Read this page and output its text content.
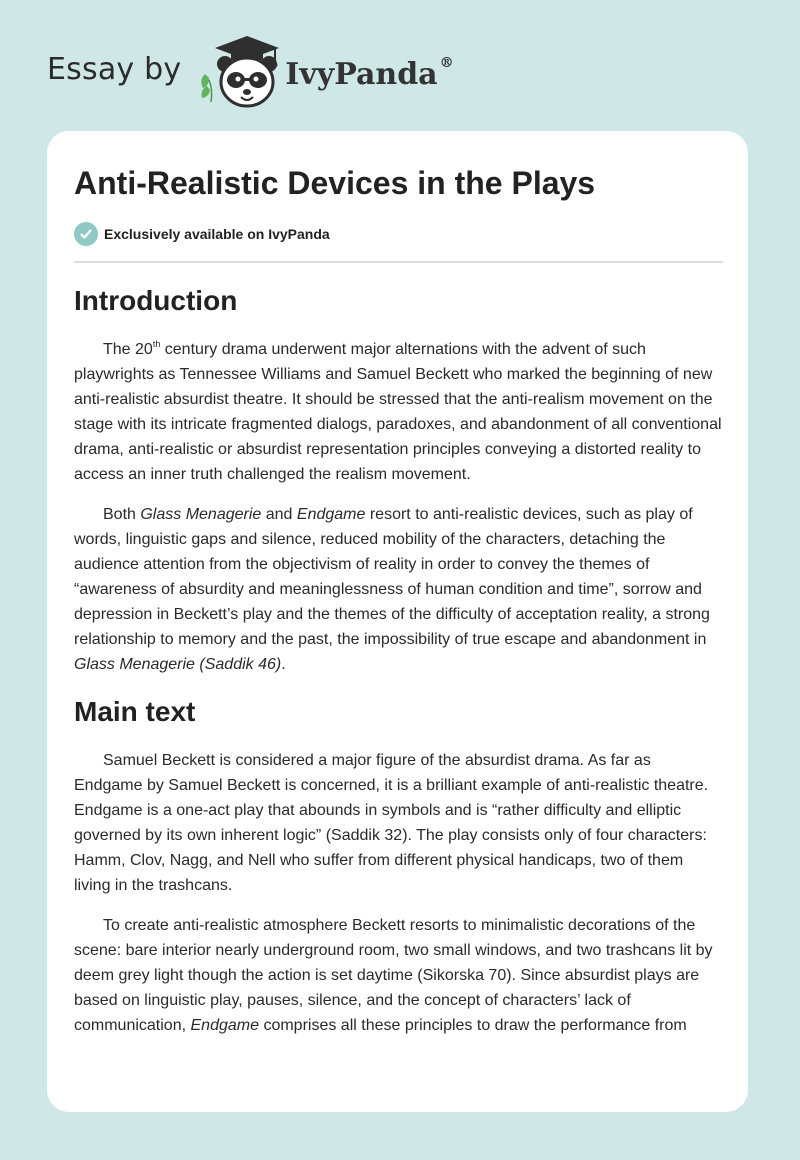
Essay by	IvyPanda ®
Anti-Realistic Devices in the Plays
Exclusively available on IvyPanda
Introduction

The 20th century drama underwent major alternations with the advent of such playwrights as Tennessee Williams and Samuel Beckett who marked the beginning of new anti-realistic absurdist theatre. It should be stressed that the anti-realism movement on the stage with its intricate fragmented dialogs, paradoxes, and abandonment of all conventional drama, anti-realistic or absurdist representation principles conveying a distorted reality to access an inner truth challenged the realism movement.

Both Glass Menagerie and Endgame resort to anti-realistic devices, such as play of words, linguistic gaps and silence, reduced mobility of the characters, detaching the audience attention from the objectivism of reality in order to convey the themes of “awareness of absurdity and meaninglessness of human condition and time”, sorrow and depression in Beckett’s play and the themes of the difficulty of acceptation reality, a strong relationship to memory and the past, the impossibility of true escape and abandonment in Glass Menagerie (Saddik 46).

Main text

Samuel Beckett is considered a major figure of the absurdist drama. As far as Endgame by Samuel Beckett is concerned, it is a brilliant example of anti-realistic theatre. Endgame is a one-act play that abounds in symbols and is “rather difficulty and elliptic governed by its own inherent logic” (Saddik 32). The play consists only of four characters: Hamm, Clov, Nagg, and Nell who suffer from different physical handicaps, two of them living in the trashcans.

To create anti-realistic atmosphere Beckett resorts to minimalistic decorations of the scene: bare interior nearly underground room, two small windows, and two trashcans lit by deem grey light though the action is set daytime (Sikorska 70). Since absurdist plays are based on linguistic play, pauses, silence, and the concept of characters’ lack of communication, Endgame comprises all these principles to draw the performance from
